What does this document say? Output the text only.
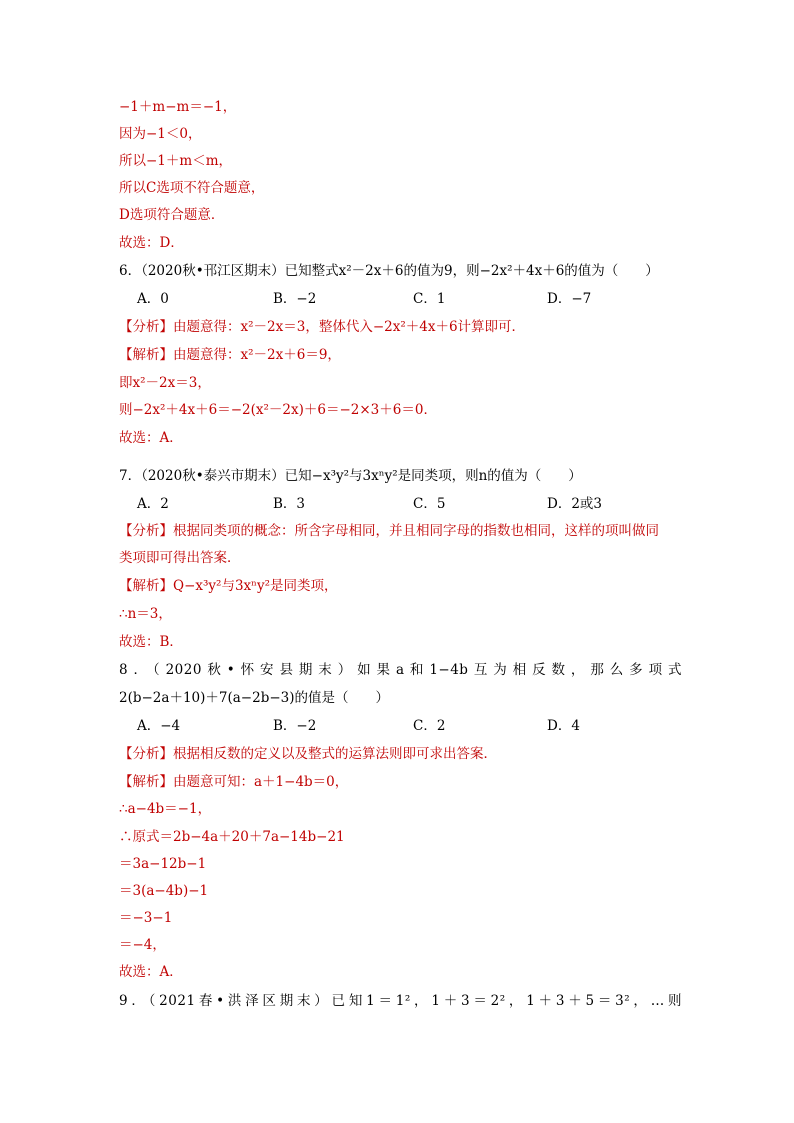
−1＋m−m＝−1，
因为−1＜0，
所以−1＋m＜m，
所以C选项不符合题意，
D选项符合题意．
故选：D．
6．（2020秋•邗江区期末）已知整式x²－2x＋6的值为9，则−2x²＋4x＋6的值为（　　）
A．0	B．−2	C．1	D．−7
【分析】由题意得：x²－2x＝3，整体代入−2x²＋4x＋6计算即可．
【解析】由题意得：x²－2x＋6＝9，
即x²－2x＝3，
则−2x²＋4x＋6＝−2(x²－2x)＋6＝−2×3＋6＝0．
故选：A．
7．（2020秋•泰兴市期末）已知−x³y²与3xⁿy²是同类项，则n的值为（　　）
A．2	B．3	C．5	D．2或3
【分析】根据同类项的概念：所含字母相同，并且相同字母的指数也相同，这样的项叫做同
类项即可得出答案．
【解析】Q−x³y²与3xⁿy²是同类项，
∴n＝3，
故选：B．
8．（2020秋•怀安县期末）如果a和1−4b互为相反数，那么多项式
2(b−2a＋10)＋7(a−2b−3)的值是（　　）
A．−4	B．−2	C．2	D．4
【分析】根据相反数的定义以及整式的运算法则即可求出答案．
【解析】由题意可知：a＋1−4b＝0，
∴a−4b＝−1，
∴原式＝2b−4a＋20＋7a−14b−21
＝3a−12b−1
＝3(a−4b)−1
＝−3−1
＝−4，
故选：A．
9．（2021春•洪泽区期末）已知1＝1²，1＋3＝2²，1＋3＋5＝3²，…则
